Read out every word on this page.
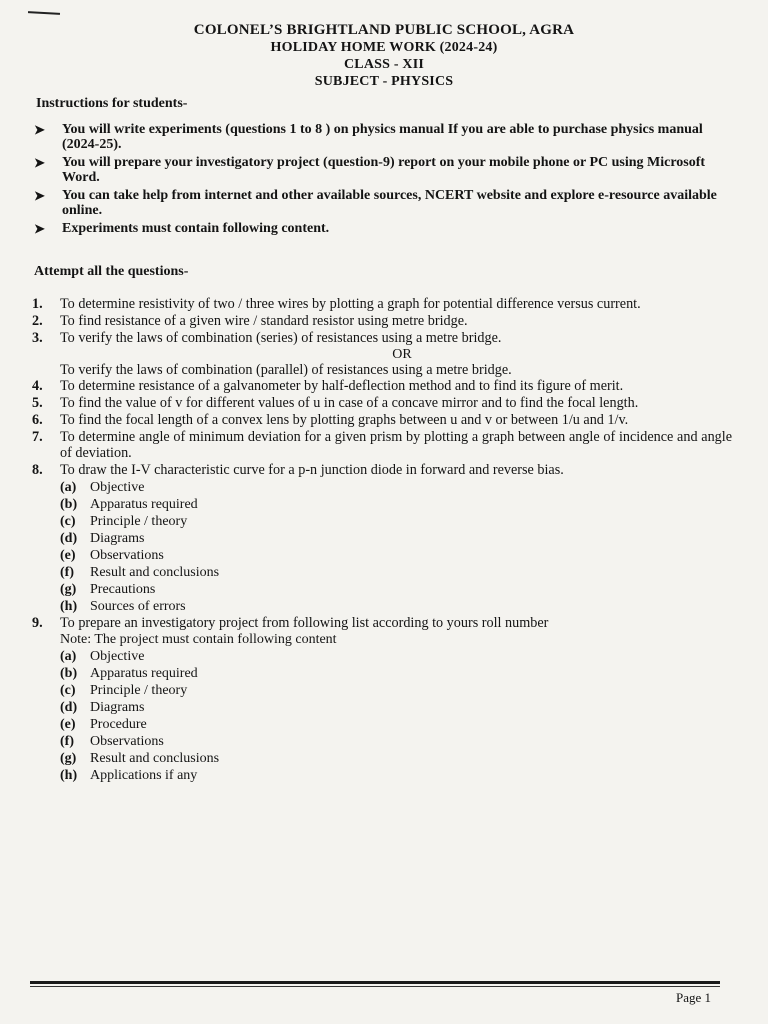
COLONEL’S BRIGHTLAND PUBLIC SCHOOL, AGRA
HOLIDAY HOME WORK (2024-24)
CLASS - XII
SUBJECT - PHYSICS
Instructions for students-
➤	You will write experiments (questions 1 to 8 ) on physics manual If you are able to purchase physics manual (2024-25).
➤	You will prepare your investigatory project (question-9) report on your mobile phone or PC using Microsoft Word.
➤	You can take help from internet and other available sources, NCERT website and explore e-resource available online.
➤	Experiments must contain following content.
Attempt all the questions-
1.	To determine resistivity of two / three wires by plotting a graph for potential difference versus current.
2.	To find resistance of a given wire / standard resistor using metre bridge.
3.	To verify the laws of combination (series) of resistances using a metre bridge.
OR
To verify the laws of combination (parallel) of resistances using a metre bridge.
4.	To determine resistance of a galvanometer by half-deflection method and to find its figure of merit.
5.	To find the value of v for different values of u in case of a concave mirror and to find the focal length.
6.	To find the focal length of a convex lens by plotting graphs between u and v or between 1/u and 1/v.
7.	To determine angle of minimum deviation for a given prism by plotting a graph between angle of incidence and angle of deviation.
8.	To draw the I-V characteristic curve for a p-n junction diode in forward and reverse bias.
(a) Objective
(b) Apparatus required
(c)	Principle / theory
(d) Diagrams
(e)	Observations
(f)	Result and conclusions
(g) Precautions
(h) Sources of errors
9.	To prepare an investigatory project from following list according to yours roll number
Note: The project must contain following content
(a) Objective
(b) Apparatus required
(c)	Principle / theory
(d) Diagrams
(e)	Procedure
(f)	Observations
(g) Result and conclusions
(h) Applications if any
Page 1
